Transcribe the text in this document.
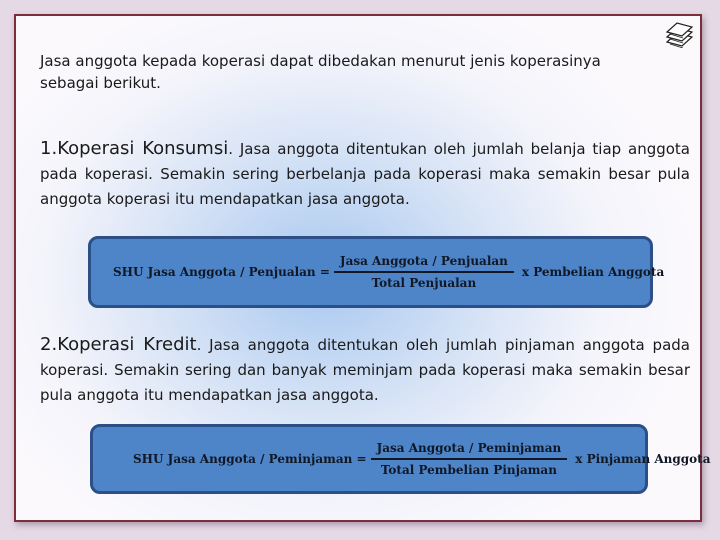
Jasa anggota kepada koperasi dapat dibedakan menurut jenis koperasinya
sebagai berikut.

1.Koperasi Konsumsi. Jasa anggota ditentukan oleh jumlah belanja tiap anggota pada koperasi. Semakin sering berbelanja pada koperasi maka semakin besar pula anggota koperasi itu mendapatkan jasa anggota.

SHU Jasa Anggota / Penjualan = $\frac{\text{Jasa Anggota / Penjualan}}{\text{Total Penjualan}}$ x Pembelian Anggota

2.Koperasi Kredit. Jasa anggota ditentukan oleh jumlah pinjaman anggota pada koperasi. Semakin sering dan banyak meminjam pada koperasi maka semakin besar pula anggota itu mendapatkan jasa anggota.

SHU Jasa Anggota / Peminjaman = $\frac{\text{Jasa Anggota / Peminjaman}}{\text{Total Pembelian Pinjaman}}$ x Pinjaman Anggota
